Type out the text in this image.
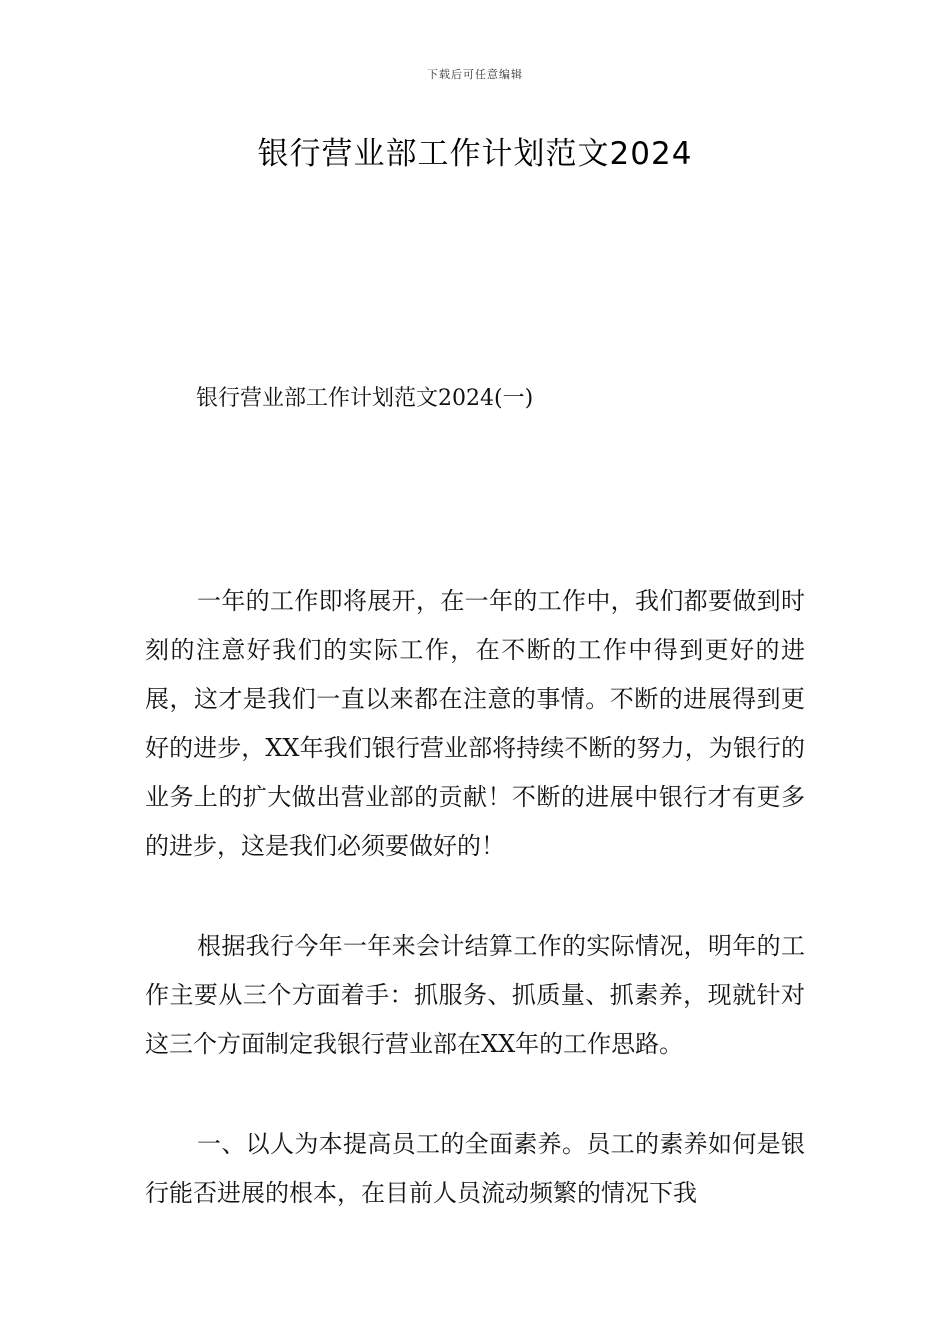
下载后可任意编辑
银行营业部工作计划范文2024
银行营业部工作计划范文2024(一)

一年的工作即将展开，在一年的工作中，我们都要做到时刻的注意好我们的实际工作，在不断的工作中得到更好的进展，这才是我们一直以来都在注意的事情。不断的进展得到更好的进步，XX年我们银行营业部将持续不断的努力，为银行的业务上的扩大做出营业部的贡献！不断的进展中银行才有更多的进步，这是我们必须要做好的！

根据我行今年一年来会计结算工作的实际情况，明年的工作主要从三个方面着手：抓服务、抓质量、抓素养，现就针对这三个方面制定我银行营业部在XX年的工作思路。

一、以人为本提高员工的全面素养。员工的素养如何是银行能否进展的根本，在目前人员流动频繁的情况下我
